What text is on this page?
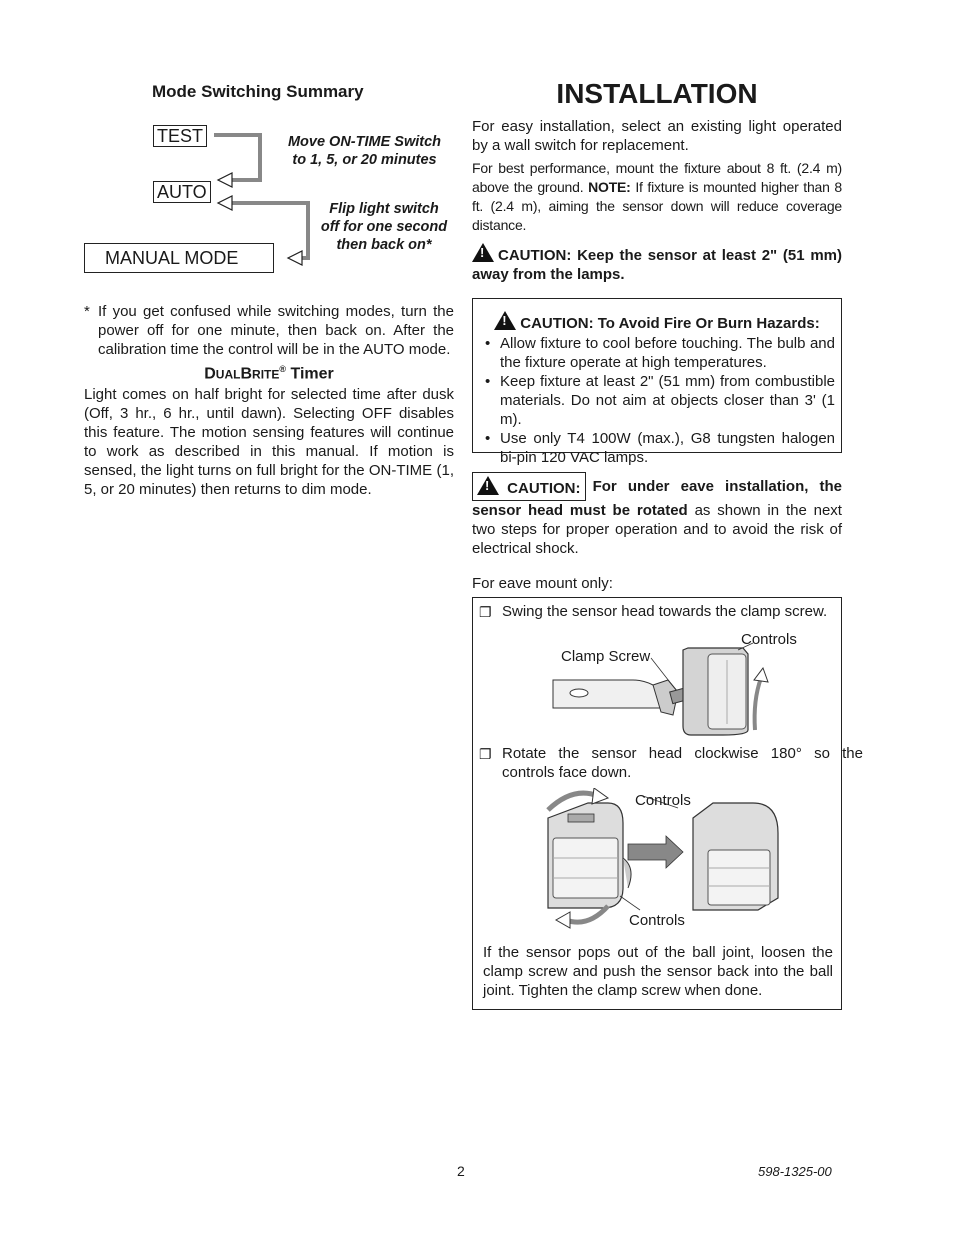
Mode Switching Summary
TEST
AUTO
MANUAL MODE
Move ON-TIME Switch
to 1, 5, or 20 minutes
Flip light switch
off for one second
then back on*
* If you get confused while switching modes, turn the power off for one minute, then back on. After the calibration time the control will be in the AUTO mode.

DUALBRITE® Timer

Light comes on half bright for selected time after dusk (Off, 3 hr., 6 hr., until dawn). Selecting OFF disables this feature. The motion sensing features will continue to work as described in this manual. If motion is sensed, the light turns on full bright for the ON-TIME (1, 5, or 20 minutes) then returns to dim mode.

INSTALLATION

For easy installation, select an existing light operated by a wall switch for replacement.

For best performance, mount the fixture about 8 ft. (2.4 m) above the ground. NOTE: If fixture is mounted higher than 8 ft. (2.4 m), aiming the sensor down will reduce coverage distance.

!CAUTION: Keep the sensor at least 2" (51 mm) away from the lamps.

!CAUTION: To Avoid Fire Or Burn Hazards:
• Allow fixture to cool before touching. The bulb and the fixture operate at high temperatures.
• Keep fixture at least 2" (51 mm) from combustible materials. Do not aim at objects closer than 3' (1 m).
• Use only T4 100W (max.), G8 tungsten halogen bi-pin 120 VAC lamps.
! CAUTION: For under eave installation, the sensor head must be rotated as shown in the next two steps for proper operation and to avoid the risk of electrical shock.

For eave mount only:

❐ Swing the sensor head towards the clamp screw.
Controls
Clamp Screw
❐ Rotate the sensor head clockwise 180° so the controls face down.
Controls
Controls

If the sensor pops out of the ball joint, loosen the clamp screw and push the sensor back into the ball joint. Tighten the clamp screw when done.

2	598-1325-00
